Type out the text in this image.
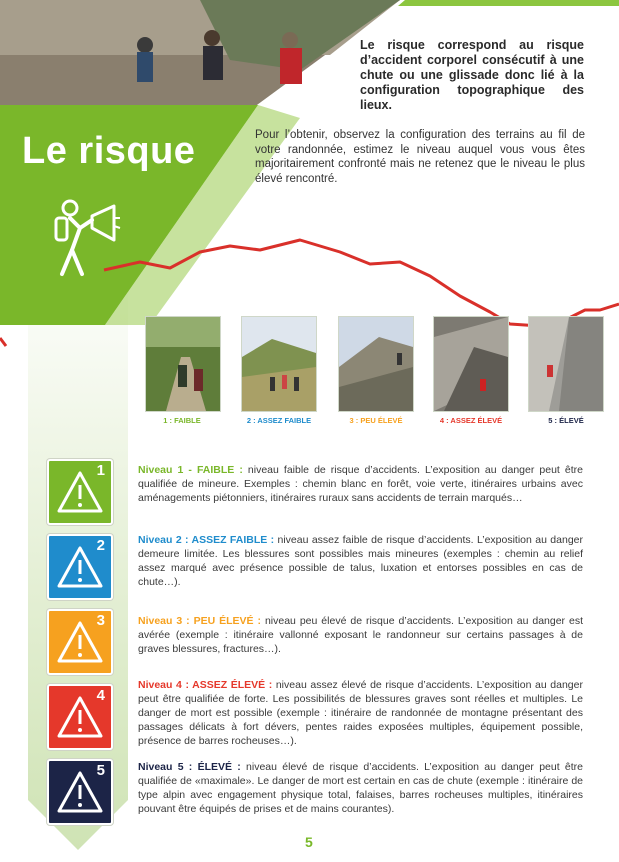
Le risque
Le risque correspond au risque d’accident corporel consécutif à une chute ou une glissade donc lié à la configuration topographique des lieux.
Pour l’obtenir, observez la configuration des terrains au fil de votre randonnée, estimez le niveau auquel vous vous êtes majoritairement confronté mais ne retenez que le niveau le plus élevé rencontré.
1 : FAIBLE	2 : ASSEZ FAIBLE	3 : PEU ÉLEVÉ	4 : ASSEZ ÉLEVÉ	5 : ÉLEVÉ
1
2
3
4
5
Niveau 1 - FAIBLE : niveau faible de risque d’accidents. L’exposition au danger peut être qualifiée de mineure. Exemples : chemin blanc en forêt, voie verte, itinéraires urbains avec aménagements piétonniers, itinéraires ruraux sans accidents de terrain marqués…
Niveau 2 : ASSEZ FAIBLE : niveau assez faible de risque d’accidents. L’exposition au danger demeure limitée. Les blessures sont possibles mais mineures (exemples : chemin au relief assez marqué avec présence possible de talus, luxation et entorses possibles en cas de chute…).
Niveau 3 : PEU ÉLEVÉ : niveau peu élevé de risque d’accidents. L’exposition au danger est avérée (exemple : itinéraire vallonné exposant le randonneur sur certains passages à de graves blessures, fractures…).
Niveau 4 : ASSEZ ÉLEVÉ : niveau assez élevé de risque d’accidents. L’exposition au danger peut être qualifiée de forte. Les possibilités de blessures graves sont réelles et multiples. Le danger de mort est possible (exemple : itinéraire de randonnée de montagne présentant des passages délicats à fort dévers, pentes raides exposées multiples, équipement possible, présence de barres rocheuses…).
Niveau 5 : ÉLEVÉ : niveau élevé de risque d’accidents. L’exposition au danger peut être qualifiée de «maximale». Le danger de mort est certain en cas de chute (exemple : itinéraire de type alpin avec engagement physique total, falaises, barres rocheuses multiples, itinéraires pouvant être équipés de prises et de mains courantes).
5
